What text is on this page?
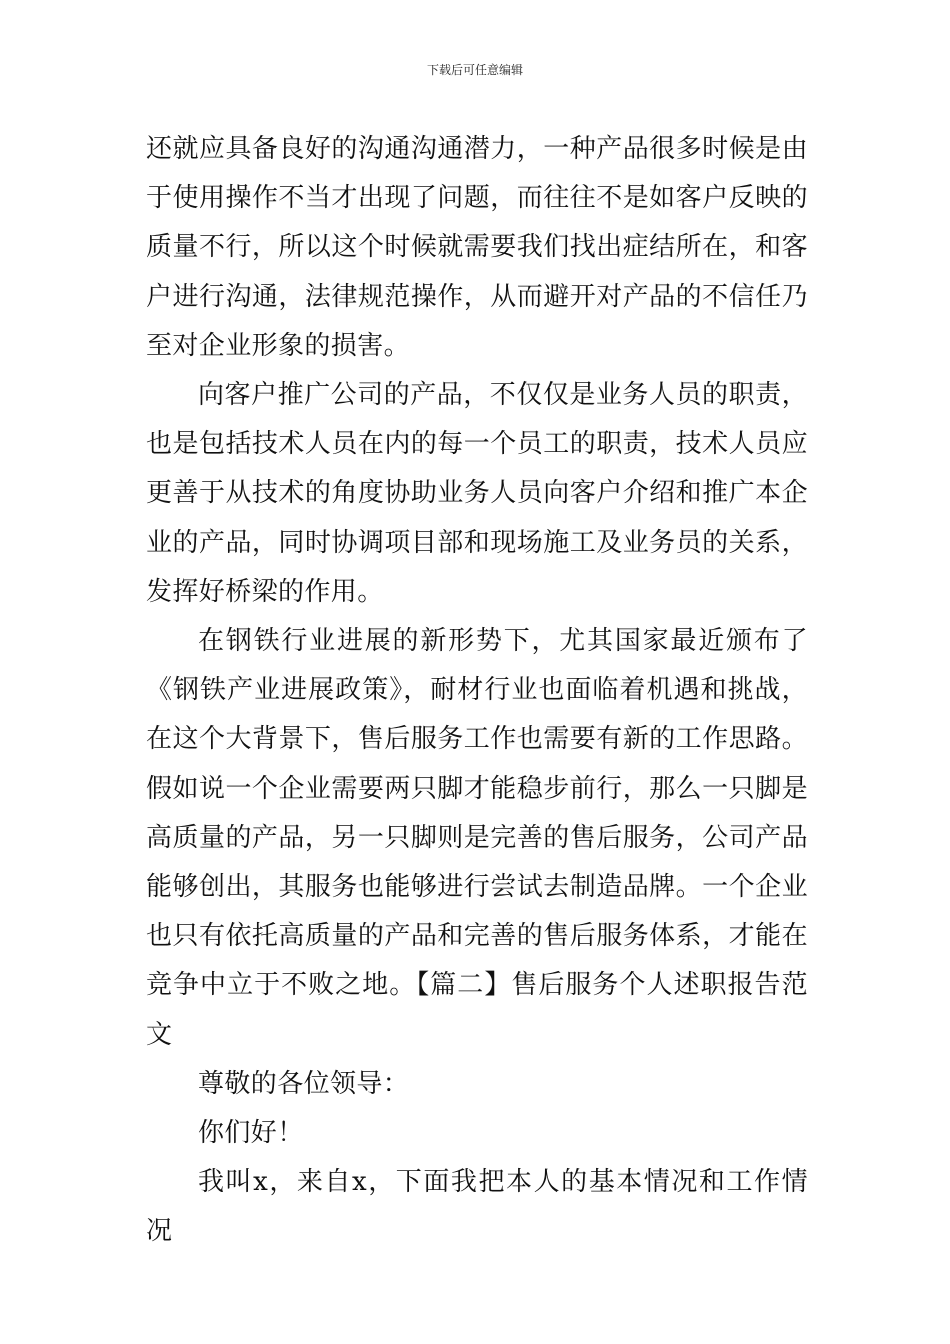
下载后可任意编辑

还就应具备良好的沟通沟通潜力，一种产品很多时候是由于使用操作不当才出现了问题，而往往不是如客户反映的质量不行，所以这个时候就需要我们找出症结所在，和客户进行沟通，法律规范操作，从而避开对产品的不信任乃至对企业形象的损害。

向客户推广公司的产品，不仅仅是业务人员的职责，也是包括技术人员在内的每一个员工的职责，技术人员应更善于从技术的角度协助业务人员向客户介绍和推广本企业的产品，同时协调项目部和现场施工及业务员的关系，发挥好桥梁的作用。

在钢铁行业进展的新形势下，尤其国家最近颁布了《钢铁产业进展政策》，耐材行业也面临着机遇和挑战，在这个大背景下，售后服务工作也需要有新的工作思路。假如说一个企业需要两只脚才能稳步前行，那么一只脚是高质量的产品，另一只脚则是完善的售后服务，公司产品能够创出，其服务也能够进行尝试去制造品牌。一个企业也只有依托高质量的产品和完善的售后服务体系，才能在竞争中立于不败之地。【篇二】售后服务个人述职报告范文

尊敬的各位领导：

你们好！

我叫x，来自x，下面我把本人的基本情况和工作情况
